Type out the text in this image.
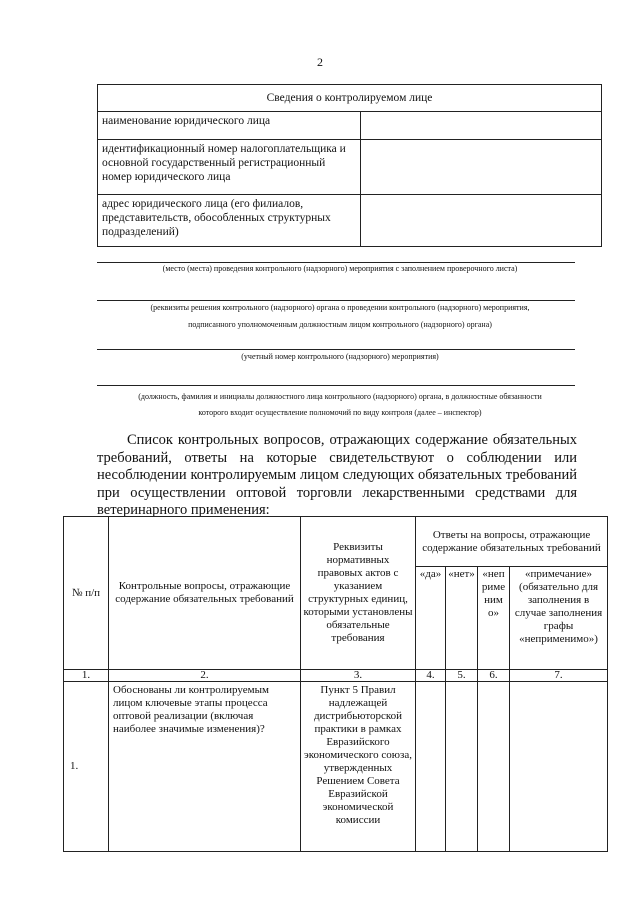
2
Сведения о контролируемом лице	
наименование юридического лица	
идентификационный номер налогоплательщика и основной государственный регистрационный номер юридического лица	
адрес юридического лица (его филиалов, представительств, обособленных структурных подразделений)	
(место (места) проведения контрольного (надзорного) мероприятия с заполнением проверочного листа)
(реквизиты решения контрольного (надзорного) органа о проведении контрольного (надзорного) мероприятия,
подписанного уполномоченным должностным лицом контрольного (надзорного) органа)
(учетный номер контрольного (надзорного) мероприятия)
(должность, фамилия и инициалы должностного лица контрольного (надзорного) органа, в должностные обязанности
которого входит осуществление полномочий по виду контроля (далее – инспектор)

Список контрольных вопросов, отражающих содержание обязательных требований, ответы на которые свидетельствуют о соблюдении или несоблюдении контролируемым лицом следующих обязательных требований при осуществлении оптовой торговли лекарственными средствами для ветеринарного применения:

№ п/п	Контрольные вопросы, отражающие содержание обязательных требований	Реквизиты нормативных правовых актов с указанием структурных единиц, которыми установлены обязательные требования	Ответы на вопросы, отражающие содержание обязательных требований			
			«да»	«нет»	«неприменимо»	«примечание» (обязательно для заполнения в случае заполнения графы «неприменимо»)
1.	2.	3.	4.	5.	6.	7.
1.	Обоснованы ли контролируемым лицом ключевые этапы процесса оптовой реализации (включая наиболее значимые изменения)?	Пункт 5 Правил надлежащей дистрибьюторской практики в рамках Евразийского экономического союза, утвержденных Решением Совета Евразийской экономической комиссии				
